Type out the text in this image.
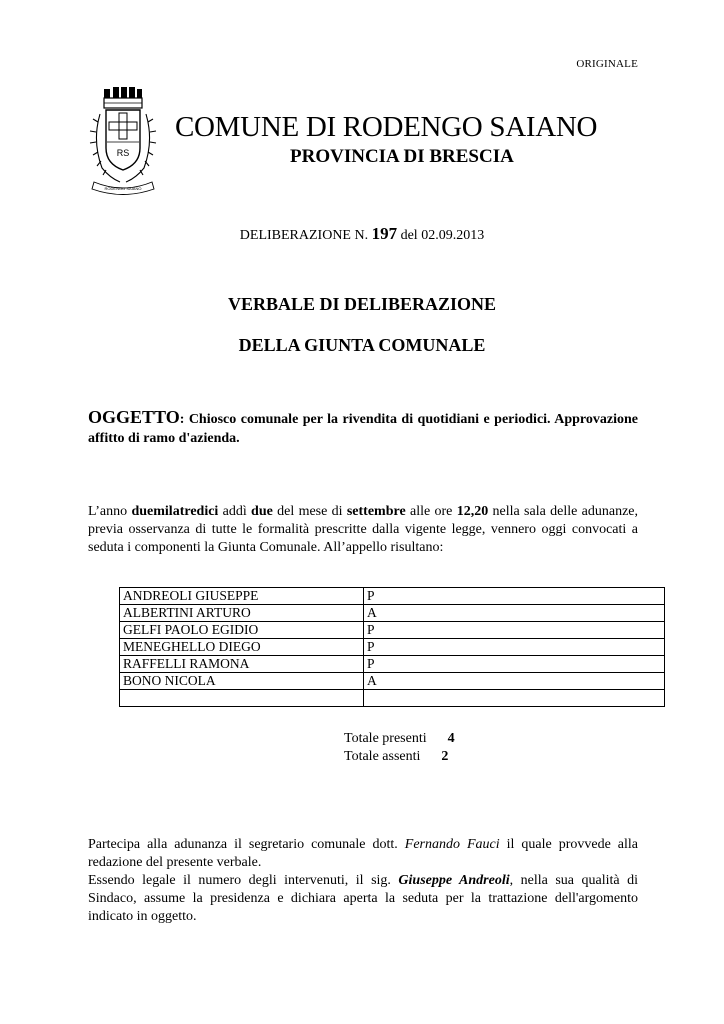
ORIGINALE
RS
RODENGO SAIANO
COMUNE DI RODENGO SAIANO
PROVINCIA DI BRESCIA
DELIBERAZIONE N. 197 del 02.09.2013
VERBALE DI DELIBERAZIONE
DELLA GIUNTA COMUNALE
OGGETTO: Chiosco comunale per la rivendita di quotidiani e periodici. Approvazione affitto di ramo d'azienda.
L’anno duemilatredici addì due del mese di settembre alle ore 12,20 nella sala delle adunanze, previa osservanza di tutte le formalità prescritte dalla vigente legge, vennero oggi convocati a seduta i componenti la Giunta Comunale. All’appello risultano:
ANDREOLI GIUSEPPE	P
ALBERTINI ARTURO	A
GELFI PAOLO EGIDIO	P
MENEGHELLO DIEGO	P
RAFFELLI RAMONA	P
BONO NICOLA	A

Totale presenti 4
Totale assenti 2
Partecipa alla adunanza il segretario comunale dott. Fernando Fauci il quale provvede alla redazione del presente verbale.
Essendo legale il numero degli intervenuti, il sig. Giuseppe Andreoli, nella sua qualità di Sindaco, assume la presidenza e dichiara aperta la seduta per la trattazione dell'argomento indicato in oggetto.
